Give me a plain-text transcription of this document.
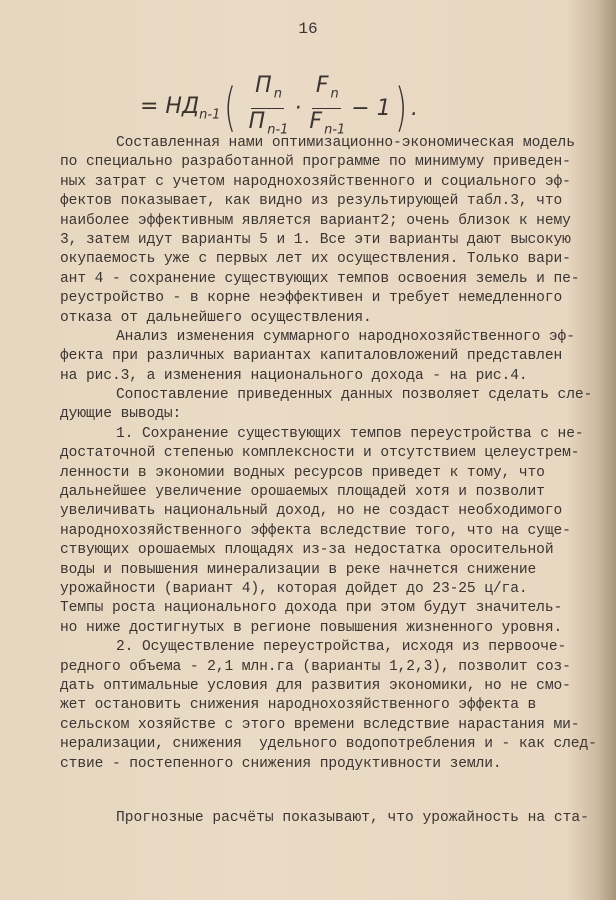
16
= $НД_{n-1}$ ( $\frac{П _n}{П _{n-1}} \cdot \frac{F _n}{F _{n-1}} - 1$ ) .
Составленная нами оптимизационно-экономическая модель
по специально разработанной программе по минимуму приведен-
ных затрат с учетом народнохозяйственного и социального эф-
фектов показывает, как видно из результирующей табл.3, что
наиболее эффективным является вариант2; очень близок к нему
3, затем идут варианты 5 и 1. Все эти варианты дают высокую
окупаемость уже с первых лет их осуществления. Только вари-
ант 4 - сохранение существующих темпов освоения земель и пе-
реустройство - в корне неэффективен и требует немедленного
отказа от дальнейшего осуществления.
Анализ изменения суммарного народнохозяйственного эф-
фекта при различных вариантах капиталовложений представлен
на рис.3, а изменения национального дохода - на рис.4.
Сопоставление приведенных данных позволяет сделать сле-
дующие выводы:
1. Сохранение существующих темпов переустройства с не-
достаточной степенью комплексности и отсутствием целеустрем-
ленности в экономии водных ресурсов приведет к тому, что
дальнейшее увеличение орошаемых площадей хотя и позволит
увеличивать национальный доход, но не создаст необходимого
народнохозяйственного эффекта вследствие того, что на суще-
ствующих орошаемых площадях из-за недостатка оросительной
воды и повышения минерализации в реке начнется снижение
урожайности (вариант 4), которая дойдет до 23-25 ц/га.
Темпы роста национального дохода при этом будут значитель-
но ниже достигнутых в регионе повышения жизненного уровня.
2. Осуществление переустройства, исходя из первооче-
редного объема - 2,1 млн.га (варианты 1,2,3), позволит соз-
дать оптимальные условия для развития экономики, но не смо-
жет остановить снижения народнохозяйственного эффекта в
сельском хозяйстве с этого времени вследствие нарастания ми-
нерализации, снижения  удельного водопотребления и - как след-
ствие - постепенного снижения продуктивности земли.
Прогнозные расчёты показывают, что урожайность на ста-
